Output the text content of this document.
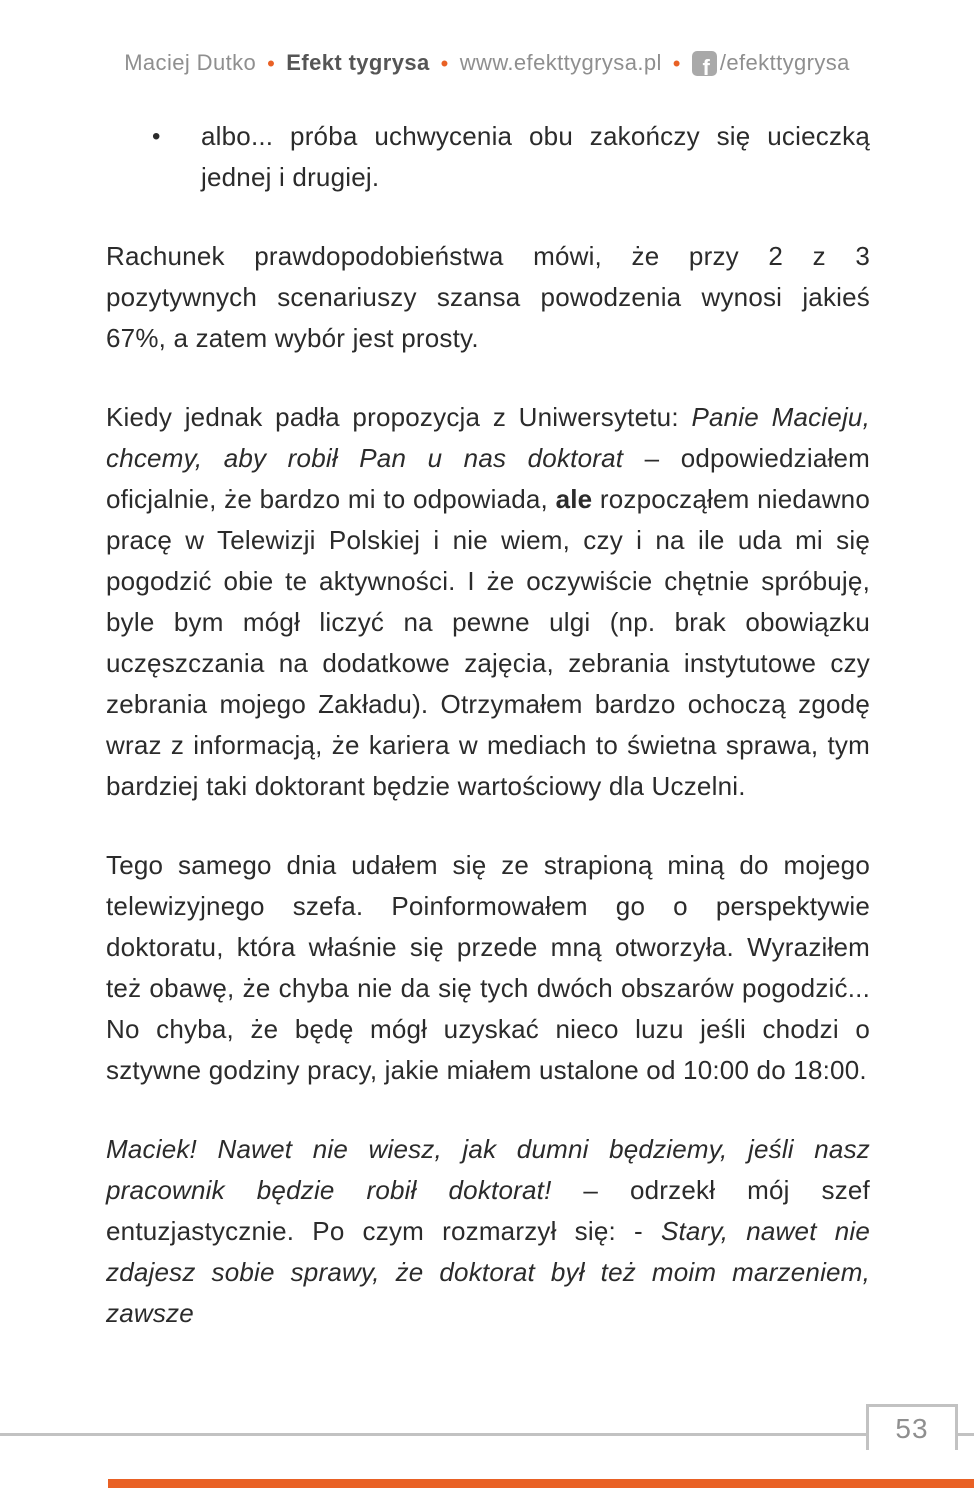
Maciej Dutko • Efekt tygrysa • www.efekttygrysa.pl • f /efekttygrysa
•	albo... próba uchwycenia obu zakończy się ucieczką jednej i drugiej.

Rachunek prawdopodobieństwa mówi, że przy 2 z 3 pozytywnych scenariuszy szansa powodzenia wynosi jakieś 67%, a zatem wybór jest prosty.

Kiedy jednak padła propozycja z Uniwersytetu: Panie Macieju, chcemy, aby robił Pan u nas doktorat – odpowiedziałem oficjalnie, że bardzo mi to odpowiada, ale rozpocząłem niedawno pracę w Telewizji Polskiej i nie wiem, czy i na ile uda mi się pogodzić obie te aktywności. I że oczywiście chętnie spróbuję, byle bym mógł liczyć na pewne ulgi (np. brak obowiązku uczęszczania na dodatkowe zajęcia, zebrania instytutowe czy zebrania mojego Zakładu). Otrzymałem bardzo ochoczą zgodę wraz z informacją, że kariera w mediach to świetna sprawa, tym bardziej taki doktorant będzie wartościowy dla Uczelni.

Tego samego dnia udałem się ze strapioną miną do mojego telewizyjnego szefa. Poinformowałem go o perspektywie doktoratu, która właśnie się przede mną otworzyła. Wyraziłem też obawę, że chyba nie da się tych dwóch obszarów pogodzić... No chyba, że będę mógł uzyskać nieco luzu jeśli chodzi o sztywne godziny pracy, jakie miałem ustalone od 10:00 do 18:00.

Maciek! Nawet nie wiesz, jak dumni będziemy, jeśli nasz pracownik będzie robił doktorat! – odrzekł mój szef entuzjastycznie. Po czym rozmarzył się: - Stary, nawet nie zdajesz sobie sprawy, że doktorat był też moim marzeniem, zawsze

53
